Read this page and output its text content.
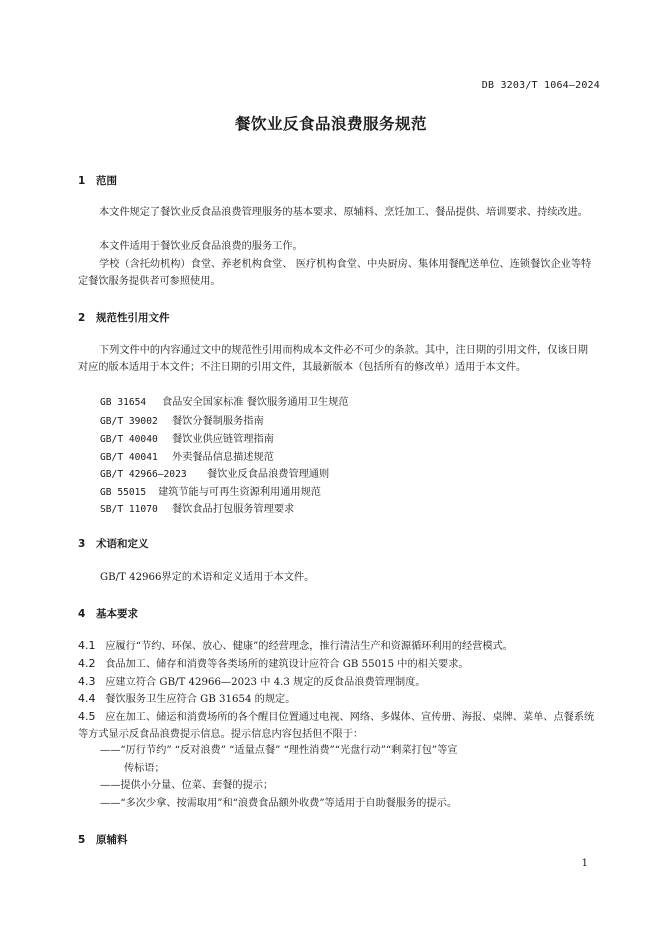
DB 3203/T 1064—2024
餐饮业反食品浪费服务规范
1 范围
本文件规定了餐饮业反食品浪费管理服务的基本要求、原辅料、烹饪加工、餐品提供、培训要求、持续改进。
本文件适用于餐饮业反食品浪费的服务工作。
学校（含托幼机构）食堂、养老机构食堂、 医疗机构食堂、中央厨房、集体用餐配送单位、连锁餐饮企业等特定餐饮服务提供者可参照使用。
2 规范性引用文件
下列文件中的内容通过文中的规范性引用而构成本文件必不可少的条款。其中，注日期的引用文件，仅该日期对应的版本适用于本文件；不注日期的引用文件，其最新版本（包括所有的修改单）适用于本文件。
GB 31654 食品安全国家标准 餐饮服务通用卫生规范
GB/T 39002 餐饮分餐制服务指南
GB/T 40040 餐饮业供应链管理指南
GB/T 40041 外卖餐品信息描述规范
GB/T 42966—2023 餐饮业反食品浪费管理通则
GB 55015 建筑节能与可再生资源利用通用规范
SB/T 11070 餐饮食品打包服务管理要求
3 术语和定义
GB/T 42966界定的术语和定义适用于本文件。
4 基本要求
4.1 应履行“节约、环保、放心、健康”的经营理念，推行清洁生产和资源循环利用的经营模式。
4.2 食品加工、储存和消费等各类场所的建筑设计应符合 GB 55015 中的相关要求。
4.3 应建立符合 GB/T 42966—2023 中 4.3 规定的反食品浪费管理制度。
4.4 餐饮服务卫生应符合 GB 31654 的规定。
4.5 应在加工、储运和消费场所的各个醒目位置通过电视、网络、多媒体、宣传册、海报、桌牌、菜单、点餐系统等方式显示反食品浪费提示信息。提示信息内容包括但不限于：
——“厉行节约” “反对浪费” “适量点餐” “理性消费”“光盘行动”“剩菜打包”等宣
传标语；
——提供小分量、位菜、套餐的提示；
——“多次少拿、按需取用”和“浪费食品额外收费”等适用于自助餐服务的提示。
5 原辅料
1
